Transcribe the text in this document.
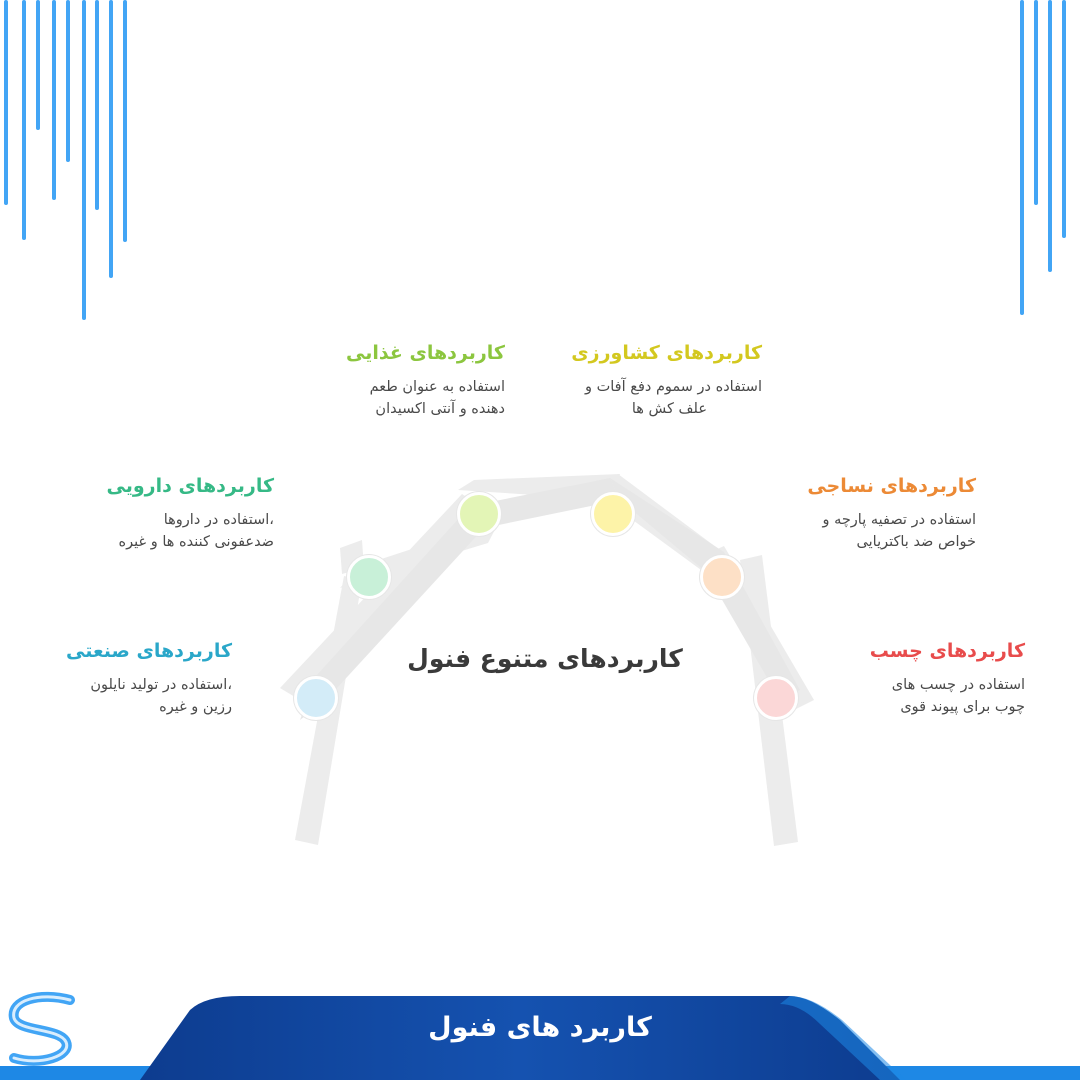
کاربردهای متنوع فنول
کاربردهای غذایی

استفاده به عنوان طعم

دهنده و آنتی اکسیدان

کاربردهای کشاورزی

استفاده در سموم دفع آفات و

علف کش ها

کاربردهای دارویی

،استفاده در داروها

ضدعفونی کننده ها و غیره

کاربردهای نساجی

استفاده در تصفیه پارچه و

خواص ضد باکتریایی

کاربردهای صنعتی

،استفاده در تولید نایلون

رزین و غیره

کاربردهای چسب

استفاده در چسب های

چوب برای پیوند قوی

کاربرد های فنول
